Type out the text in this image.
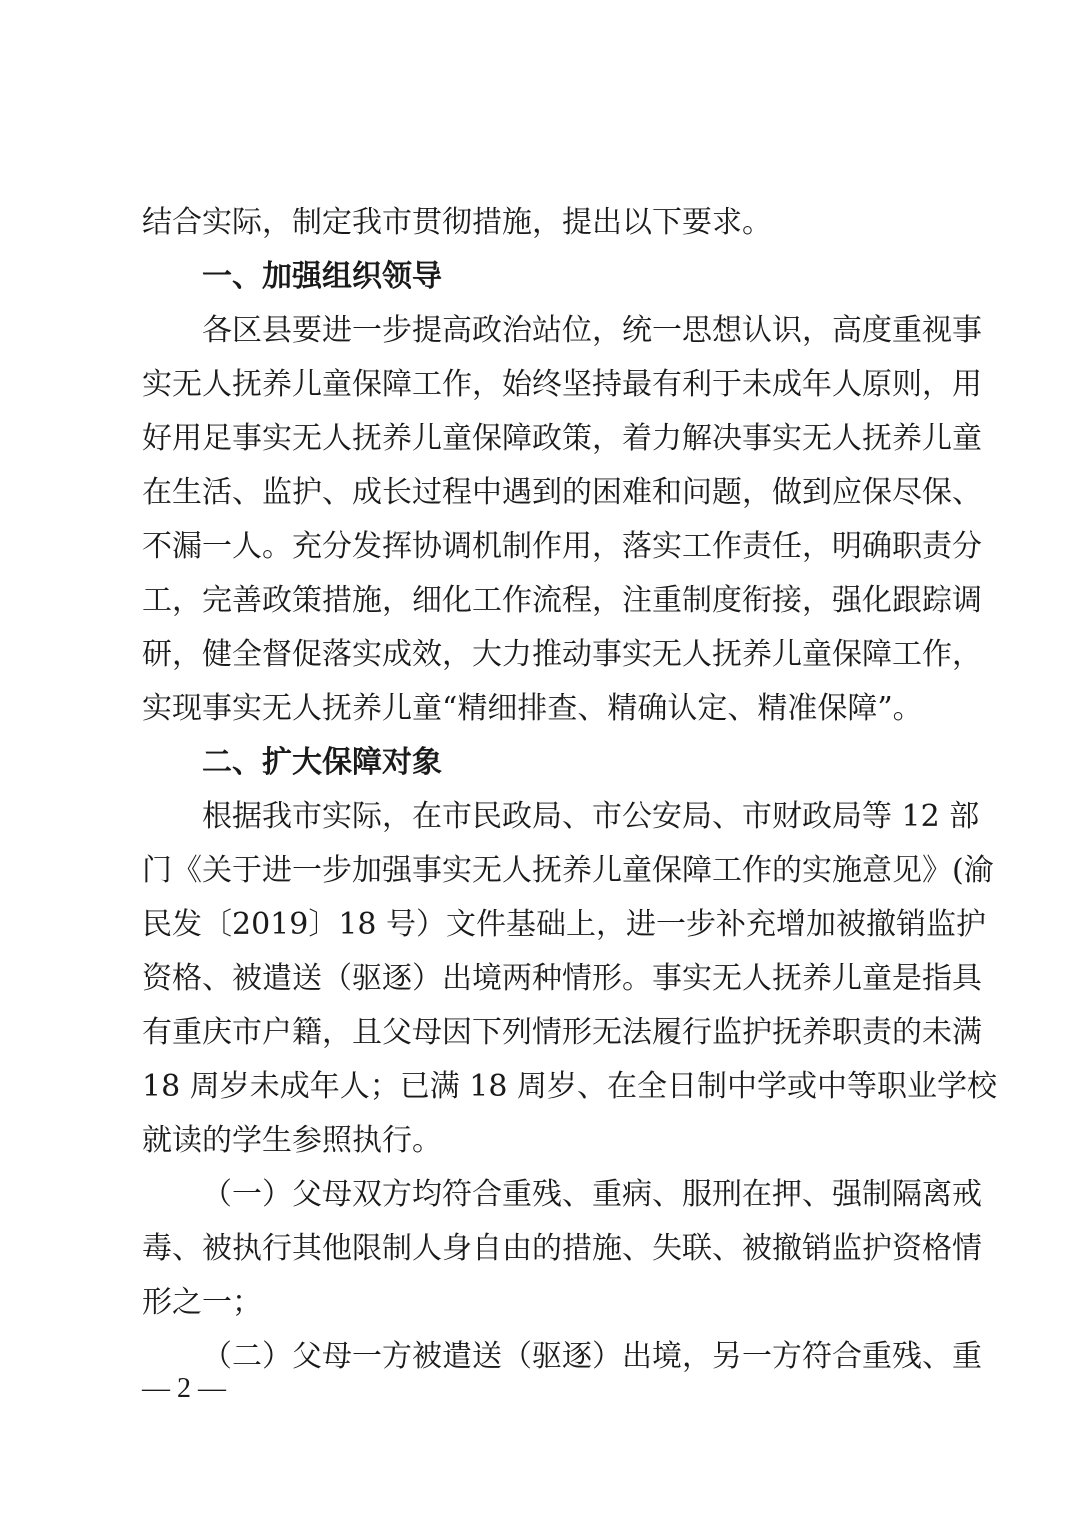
结合实际，制定我市贯彻措施，提出以下要求。
一、加强组织领导
各区县要进一步提高政治站位，统一思想认识，高度重视事
实无人抚养儿童保障工作，始终坚持最有利于未成年人原则，用
好用足事实无人抚养儿童保障政策，着力解决事实无人抚养儿童
在生活、监护、成长过程中遇到的困难和问题，做到应保尽保、
不漏一人。充分发挥协调机制作用，落实工作责任，明确职责分
工，完善政策措施，细化工作流程，注重制度衔接，强化跟踪调
研，健全督促落实成效，大力推动事实无人抚养儿童保障工作，
实现事实无人抚养儿童“精细排查、精确认定、精准保障”。
二、扩大保障对象
根据我市实际，在市民政局、市公安局、市财政局等 12 部
门《关于进一步加强事实无人抚养儿童保障工作的实施意见》(渝
民发〔2019〕18 号）文件基础上，进一步补充增加被撤销监护
资格、被遣送（驱逐）出境两种情形。事实无人抚养儿童是指具
有重庆市户籍，且父母因下列情形无法履行监护抚养职责的未满
18 周岁未成年人；已满 18 周岁、在全日制中学或中等职业学校
就读的学生参照执行。
（一）父母双方均符合重残、重病、服刑在押、强制隔离戒
毒、被执行其他限制人身自由的措施、失联、被撤销监护资格情
形之一；
（二）父母一方被遣送（驱逐）出境，另一方符合重残、重
— 2 —
